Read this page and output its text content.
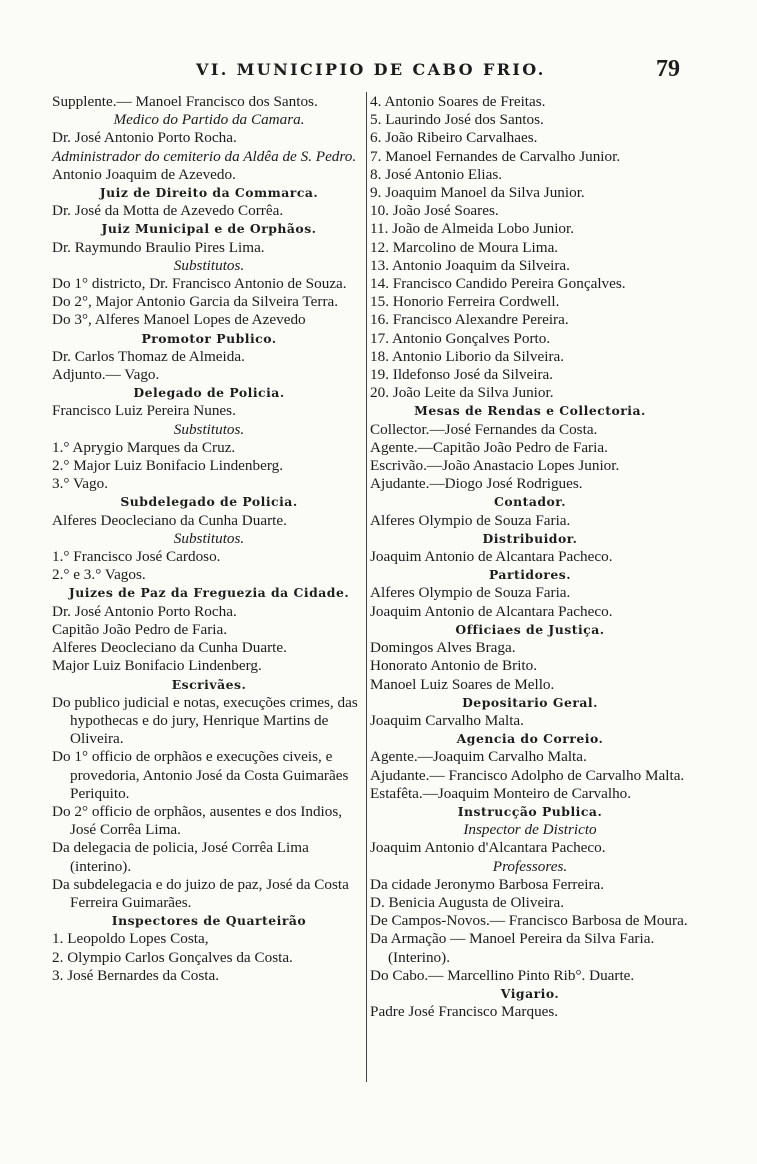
VI. MUNICIPIO DE CABO FRIO.	79
Supplente.— Manoel Francisco dos Santos.
Medico do Partido da Camara.
Dr. José Antonio Porto Rocha.
Administrador do cemiterio da Aldêa de S. Pedro.
Antonio Joaquim de Azevedo.
Juiz de Direito da Commarca.
Dr. José da Motta de Azevedo Corrêa.
Juiz Municipal e de Orphãos.
Dr. Raymundo Braulio Pires Lima.
Substitutos.
Do 1° districto, Dr. Francisco Antonio de Souza.
Do 2°, Major Antonio Garcia da Silveira Terra.
Do 3°, Alferes Manoel Lopes de Azevedo
Promotor Publico.
Dr. Carlos Thomaz de Almeida.
Adjunto.— Vago.
Delegado de Policia.
Francisco Luiz Pereira Nunes.
Substitutos.
1.° Aprygio Marques da Cruz.
2.° Major Luiz Bonifacio Lindenberg.
3.° Vago.
Subdelegado de Policia.
Alferes Deocleciano da Cunha Duarte.
Substitutos.
1.° Francisco José Cardoso.
2.° e 3.° Vagos.
Juizes de Paz da Freguezia da Cidade.
Dr. José Antonio Porto Rocha.
Capitão João Pedro de Faria.
Alferes Deocleciano da Cunha Duarte.
Major Luiz Bonifacio Lindenberg.
Escrivães.
Do publico judicial e notas, execuções crimes, das hypothecas e do jury, Henrique Martins de Oliveira.
Do 1° officio de orphãos e execuções civeis, e provedoria, Antonio José da Costa Guimarães Periquito.
Do 2° officio de orphãos, ausentes e dos Indios, José Corrêa Lima.
Da delegacia de policia, José Corrêa Lima (interino).
Da subdelegacia e do juizo de paz, José da Costa Ferreira Guimarães.
Inspectores de Quarteirão
1. Leopoldo Lopes Costa,
2. Olympio Carlos Gonçalves da Costa.
3. José Bernardes da Costa.
4. Antonio Soares de Freitas.
5. Laurindo José dos Santos.
6. João Ribeiro Carvalhaes.
7. Manoel Fernandes de Carvalho Junior.
8. José Antonio Elias.
9. Joaquim Manoel da Silva Junior.
10. João José Soares.
11. João de Almeida Lobo Junior.
12. Marcolino de Moura Lima.
13. Antonio Joaquim da Silveira.
14. Francisco Candido Pereira Gonçalves.
15. Honorio Ferreira Cordwell.
16. Francisco Alexandre Pereira.
17. Antonio Gonçalves Porto.
18. Antonio Liborio da Silveira.
19. Ildefonso José da Silveira.
20. João Leite da Silva Junior.
Mesas de Rendas e Collectoria.
Collector.—José Fernandes da Costa.
Agente.—Capitão João Pedro de Faria.
Escrivão.—João Anastacio Lopes Junior.
Ajudante.—Diogo José Rodrigues.
Contador.
Alferes Olympio de Souza Faria.
Distribuidor.
Joaquim Antonio de Alcantara Pacheco.
Partidores.
Alferes Olympio de Souza Faria.
Joaquim Antonio de Alcantara Pacheco.
Officiaes de Justiça.
Domingos Alves Braga.
Honorato Antonio de Brito.
Manoel Luiz Soares de Mello.
Depositario Geral.
Joaquim Carvalho Malta.
Agencia do Correio.
Agente.—Joaquim Carvalho Malta.
Ajudante.— Francisco Adolpho de Carvalho Malta.
Estafêta.—Joaquim Monteiro de Carvalho.
Instrucção Publica.
Inspector de Districto
Joaquim Antonio d'Alcantara Pacheco.
Professores.
Da cidade Jeronymo Barbosa Ferreira.
D. Benicia Augusta de Oliveira.
De Campos-Novos.— Francisco Barbosa de Moura.
Da Armação — Manoel Pereira da Silva Faria. (Interino).
Do Cabo.— Marcellino Pinto Rib°. Duarte.
Vigario.
Padre José Francisco Marques.
